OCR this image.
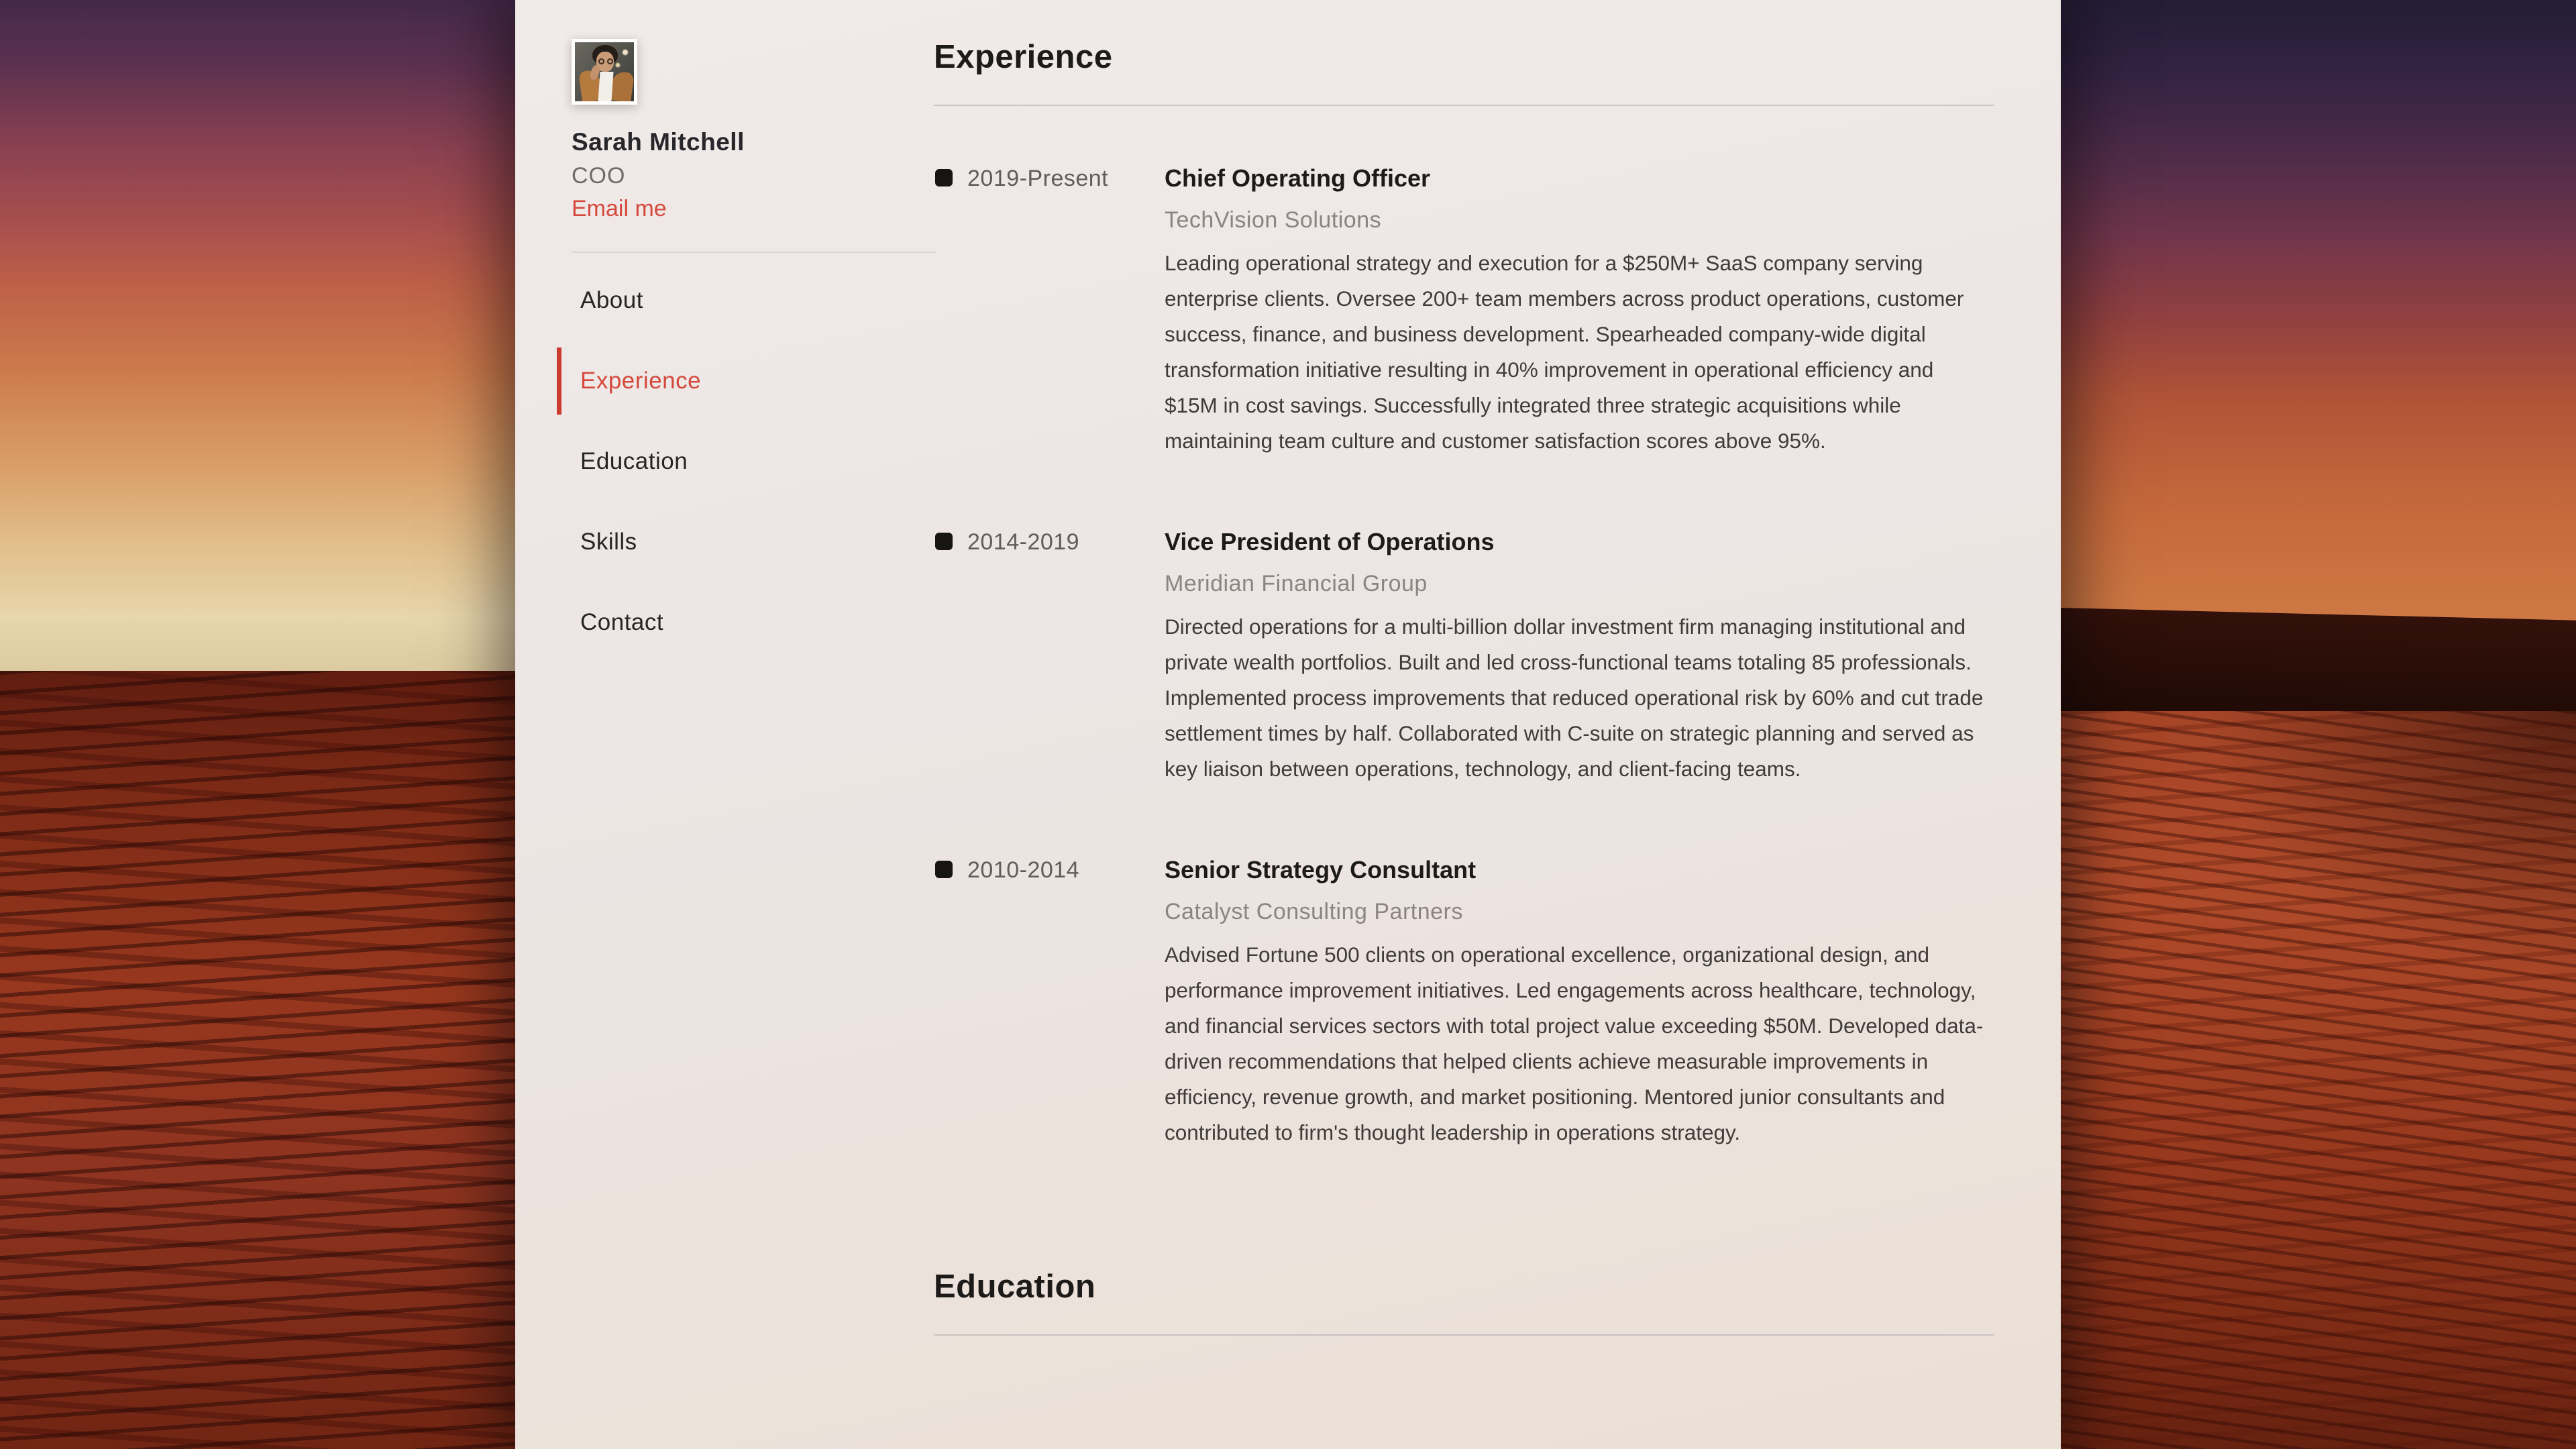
Sarah Mitchell
COO
Email me
About
Experience
Education
Skills
Contact
Experience
2019-Present Chief Operating Officer
TechVision Solutions
Leading operational strategy and execution for a $250M+ SaaS company serving enterprise clients. Oversee 200+ team members across product operations, customer success, finance, and business development. Spearheaded company-wide digital transformation initiative resulting in 40% improvement in operational efficiency and $15M in cost savings. Successfully integrated three strategic acquisitions while maintaining team culture and customer satisfaction scores above 95%.
2014-2019	Vice President of Operations
Meridian Financial Group
Directed operations for a multi-billion dollar investment firm managing institutional and private wealth portfolios. Built and led cross-functional teams totaling 85 professionals. Implemented process improvements that reduced operational risk by 60% and cut trade settlement times by half. Collaborated with C-suite on strategic planning and served as key liaison between operations, technology, and client-facing teams.
2010-2014	Senior Strategy Consultant
Catalyst Consulting Partners
Advised Fortune 500 clients on operational excellence, organizational design, and performance improvement initiatives. Led engagements across healthcare, technology, and financial services sectors with total project value exceeding $50M. Developed data-driven recommendations that helped clients achieve measurable improvements in efficiency, revenue growth, and market positioning. Mentored junior consultants and contributed to firm's thought leadership in operations strategy.
Education
